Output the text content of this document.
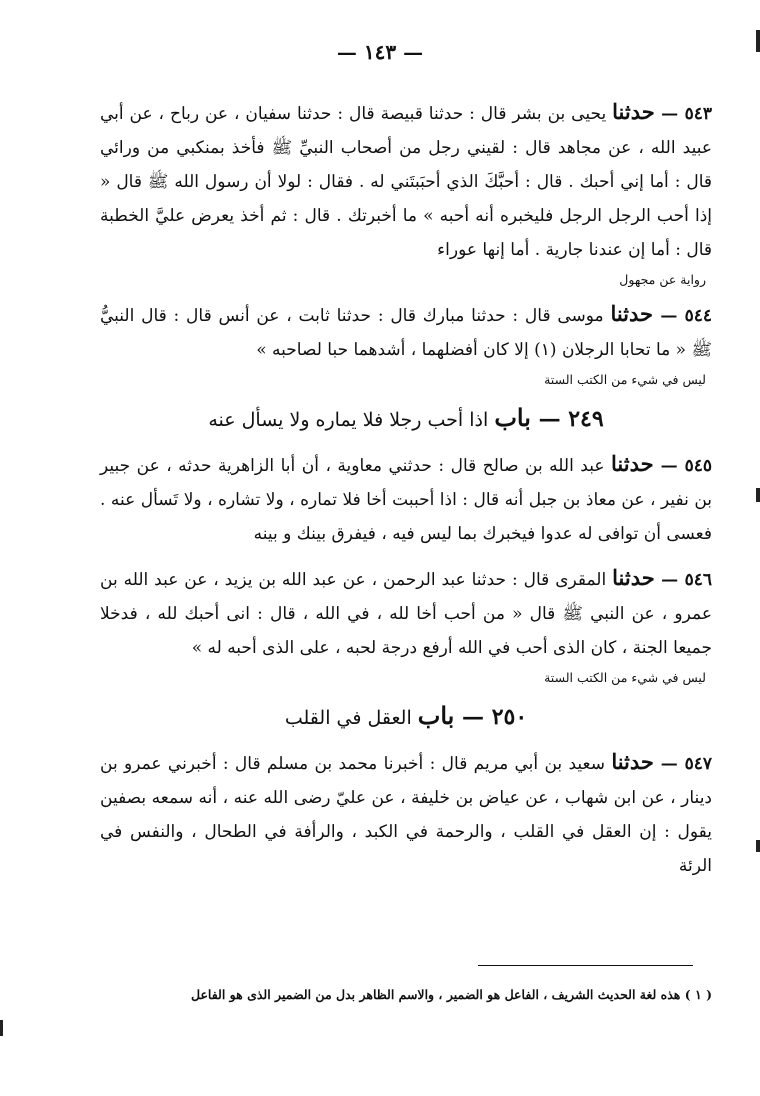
— ١٤٣ —

٥٤٣ — حدثنا يحيى بن بشر قال : حدثنا قبيصة قال : حدثنا سفيان ، عن رباح ، عن أبي عبيد الله ، عن مجاهد قال : لقيني رجل من أصحاب النبيِّ ﷺ فأخذ بمنكبي من ورائي قال : أما إني أحبك . قال : أحبَّكَ الذي أحبَبتَني له . فقال : لولا أن رسول الله ﷺ قال « إذا أحب الرجل الرجل فليخبره أنه أحبه » ما أخبرتك . قال : ثم أخذ يعرض عليَّ الخطبة قال : أما إن عندنا جارية . أما إنها عوراء

رواية عن مجهول

٥٤٤ — حدثنا موسى قال : حدثنا مبارك قال : حدثنا ثابت ، عن أنس قال : قال النبيُّ ﷺ « ما تحابا الرجلان (١) إلا كان أفضلهما ، أشدهما حبا لصاحبه »

ليس في شيء من الكتب الستة
٢٤٩ — باب اذا أحب رجلا فلا يماره ولا يسأل عنه

٥٤٥ — حدثنا عبد الله بن صالح قال : حدثني معاوية ، أن أبا الزاهرية حدثه ، عن جبير بن نفير ، عن معاذ بن جبل أنه قال : اذا أحببت أخا فلا تماره ، ولا تشاره ، ولا تَسأل عنه . فعسى أن توافى له عدوا فيخبرك بما ليس فيه ، فيفرق بينك و بينه

٥٤٦ — حدثنا المقرى قال : حدثنا عبد الرحمن ، عن عبد الله بن يزيد ، عن عبد الله بن عمرو ، عن النبي ﷺ قال « من أحب أخا لله ، في الله ، قال : انى أحبك لله ، فدخلا جميعا الجنة ، كان الذى أحب في الله أرفع درجة لحبه ، على الذى أحبه له »

ليس في شيء من الكتب الستة
٢٥٠ — باب العقل في القلب

٥٤٧ — حدثنا سعيد بن أبي مريم قال : أخبرنا محمد بن مسلم قال : أخبرني عمرو بن دينار ، عن ابن شهاب ، عن عياض بن خليفة ، عن عليّ رضى الله عنه ، أنه سمعه بصفين يقول : إن العقل في القلب ، والرحمة في الكبد ، والرأفة في الطحال ، والنفس في الرئة

( ١ ) هذه لغة الحديث الشريف ، الفاعل هو الضمير ، والاسم الظاهر بدل من الضمير الذى هو الفاعل
